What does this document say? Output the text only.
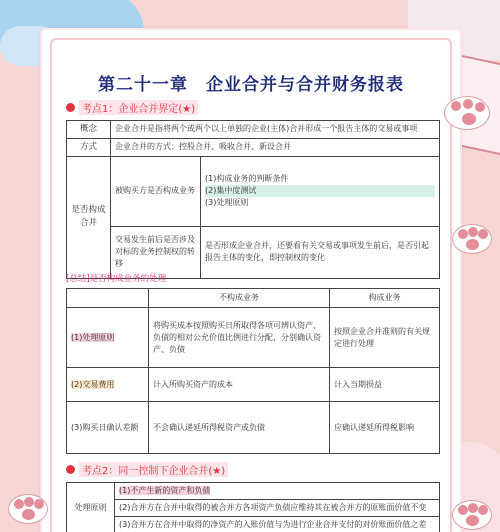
第二十一章　企业合并与合并财务报表
考点1：企业合并界定(★)
概念	企业合并是指将两个或两个以上单独的企业(主体)合并形成一个报告主体的交易或事项	
方式	企业合并的方式：控股合并、吸收合并、新设合并	
是否构成合并	被购买方是否构成业务	(1)构成业务的判断条件
(2)集中度测试
(3)处理原则

	交易发生前后是否涉及对标的业务控制权的转移	是否形成企业合并，还要看有关交易或事项发生前后，是否引起报告主体的变化，即控制权的变化
[总结]是否构成业务的处理
	不构成业务	构成业务
(1)处理原则	将购买成本按照购买日所取得各项可辨认资产、负债的相对公允价值比例进行分配，分别确认资产、负债	按照企业合并准则的有关规定进行处理
(2)交易费用	计入所购买资产的成本	计入当期损益
(3)购买日确认差额	不会确认递延所得税资产或负债	应确认递延所得税影响
考点2：同一控制下企业合并(★)
处理原则	(1)不产生新的资产和负债
(2)合并方在合并中取得的被合并方各项资产负债应维持其在被合并方的原账面价值不变
(3)合并方在合并中取得的净资产的入账价值与为进行企业合并支付的对价账面价值之差
